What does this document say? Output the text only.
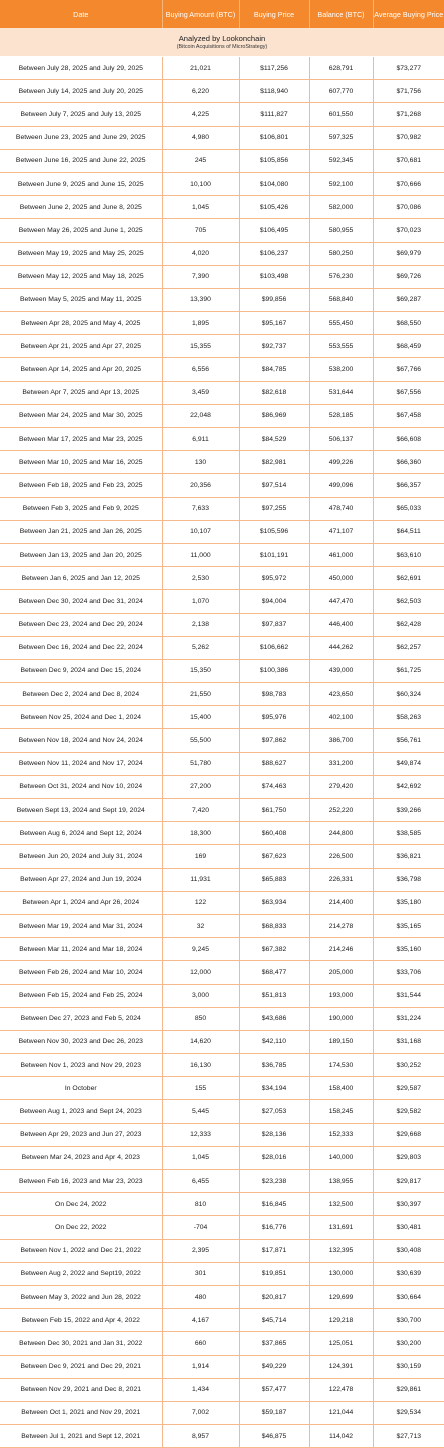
Date	Buying Amount (BTC)	Buying Price	Balance (BTC)	Average Buying Price

Analyzed by Lookonchain
(Bitcoin Acquisitions of MicroStrategy)				

Between July 28, 2025 and July 29, 2025	21,021	$117,256	628,791	$73,277
Between July 14, 2025 and July 20, 2025	6,220	$118,940	607,770	$71,756
Between July 7, 2025 and July 13, 2025	4,225	$111,827	601,550	$71,268
Between June 23, 2025 and June 29, 2025	4,980	$106,801	597,325	$70,982
Between June 16, 2025 and June 22, 2025	245	$105,856	592,345	$70,681
Between June 9, 2025 and June 15, 2025	10,100	$104,080	592,100	$70,666
Between June 2, 2025 and June 8, 2025	1,045	$105,426	582,000	$70,086
Between May 26, 2025 and June 1, 2025	705	$106,495	580,955	$70,023
Between May 19, 2025 and May 25, 2025	4,020	$106,237	580,250	$69,979
Between May 12, 2025 and May 18, 2025	7,390	$103,498	576,230	$69,726
Between May 5, 2025 and May 11, 2025	13,390	$99,856	568,840	$69,287
Between Apr 28, 2025 and May 4, 2025	1,895	$95,167	555,450	$68,550
Between Apr 21, 2025 and Apr 27, 2025	15,355	$92,737	553,555	$68,459
Between Apr 14, 2025 and Apr 20, 2025	6,556	$84,785	538,200	$67,766
Between Apr 7, 2025 and Apr 13, 2025	3,459	$82,618	531,644	$67,556
Between Mar 24, 2025 and Mar 30, 2025	22,048	$86,969	528,185	$67,458
Between Mar 17, 2025 and Mar 23, 2025	6,911	$84,529	506,137	$66,608
Between Mar 10, 2025 and Mar 16, 2025	130	$82,981	499,226	$66,360
Between Feb 18, 2025 and Feb 23, 2025	20,356	$97,514	499,096	$66,357
Between Feb 3, 2025 and Feb 9, 2025	7,633	$97,255	478,740	$65,033
Between Jan 21, 2025 and Jan 26, 2025	10,107	$105,596	471,107	$64,511
Between Jan 13, 2025 and Jan 20, 2025	11,000	$101,191	461,000	$63,610
Between Jan 6, 2025 and Jan 12, 2025	2,530	$95,972	450,000	$62,691
Between Dec 30, 2024 and Dec 31, 2024	1,070	$94,004	447,470	$62,503
Between Dec 23, 2024 and Dec 29, 2024	2,138	$97,837	446,400	$62,428
Between Dec 16, 2024 and Dec 22, 2024	5,262	$106,662	444,262	$62,257
Between Dec 9, 2024 and Dec 15, 2024	15,350	$100,386	439,000	$61,725
Between Dec 2, 2024 and Dec 8, 2024	21,550	$98,783	423,650	$60,324
Between Nov 25, 2024 and Dec 1, 2024	15,400	$95,976	402,100	$58,263
Between Nov 18, 2024 and Nov 24, 2024	55,500	$97,862	386,700	$56,761
Between Nov 11, 2024 and Nov 17, 2024	51,780	$88,627	331,200	$49,874
Between Oct 31, 2024 and Nov 10, 2024	27,200	$74,463	279,420	$42,692
Between Sept 13, 2024 and Sept 19, 2024	7,420	$61,750	252,220	$39,266
Between Aug 6, 2024 and Sept 12, 2024	18,300	$60,408	244,800	$38,585
Between Jun 20, 2024 and July 31, 2024	169	$67,623	226,500	$36,821
Between Apr 27, 2024 and Jun 19, 2024	11,931	$65,883	226,331	$36,798
Between Apr 1, 2024 and Apr 26, 2024	122	$63,934	214,400	$35,180
Between Mar 19, 2024 and Mar 31, 2024	32	$68,833	214,278	$35,165
Between Mar 11, 2024 and Mar 18, 2024	9,245	$67,382	214,246	$35,160
Between Feb 26, 2024 and Mar 10, 2024	12,000	$68,477	205,000	$33,706
Between Feb 15, 2024 and Feb 25, 2024	3,000	$51,813	193,000	$31,544
Between Dec 27, 2023 and Feb 5, 2024	850	$43,686	190,000	$31,224
Between Nov 30, 2023 and Dec 26, 2023	14,620	$42,110	189,150	$31,168
Between Nov 1, 2023 and Nov 29, 2023	16,130	$36,785	174,530	$30,252
In October	155	$34,194	158,400	$29,587
Between Aug 1, 2023 and Sept 24, 2023	5,445	$27,053	158,245	$29,582
Between Apr 29, 2023 and Jun 27, 2023	12,333	$28,136	152,333	$29,668
Between Mar 24, 2023 and Apr 4, 2023	1,045	$28,016	140,000	$29,803
Between Feb 16, 2023 and Mar 23, 2023	6,455	$23,238	138,955	$29,817
On Dec 24, 2022	810	$16,845	132,500	$30,397
On Dec 22, 2022	-704	$16,776	131,691	$30,481
Between Nov 1, 2022 and Dec 21, 2022	2,395	$17,871	132,395	$30,408
Between Aug 2, 2022 and Sept19, 2022	301	$19,851	130,000	$30,639
Between May 3, 2022 and Jun 28, 2022	480	$20,817	129,699	$30,664
Between Feb 15, 2022 and Apr 4, 2022	4,167	$45,714	129,218	$30,700
Between Dec 30, 2021 and Jan 31, 2022	660	$37,865	125,051	$30,200
Between Dec 9, 2021 and Dec 29, 2021	1,914	$49,229	124,391	$30,159
Between Nov 29, 2021 and Dec 8, 2021	1,434	$57,477	122,478	$29,861
Between Oct 1, 2021 and Nov 29, 2021	7,002	$59,187	121,044	$29,534
Between Jul 1, 2021 and Sept 12, 2021	8,957	$46,875	114,042	$27,713
